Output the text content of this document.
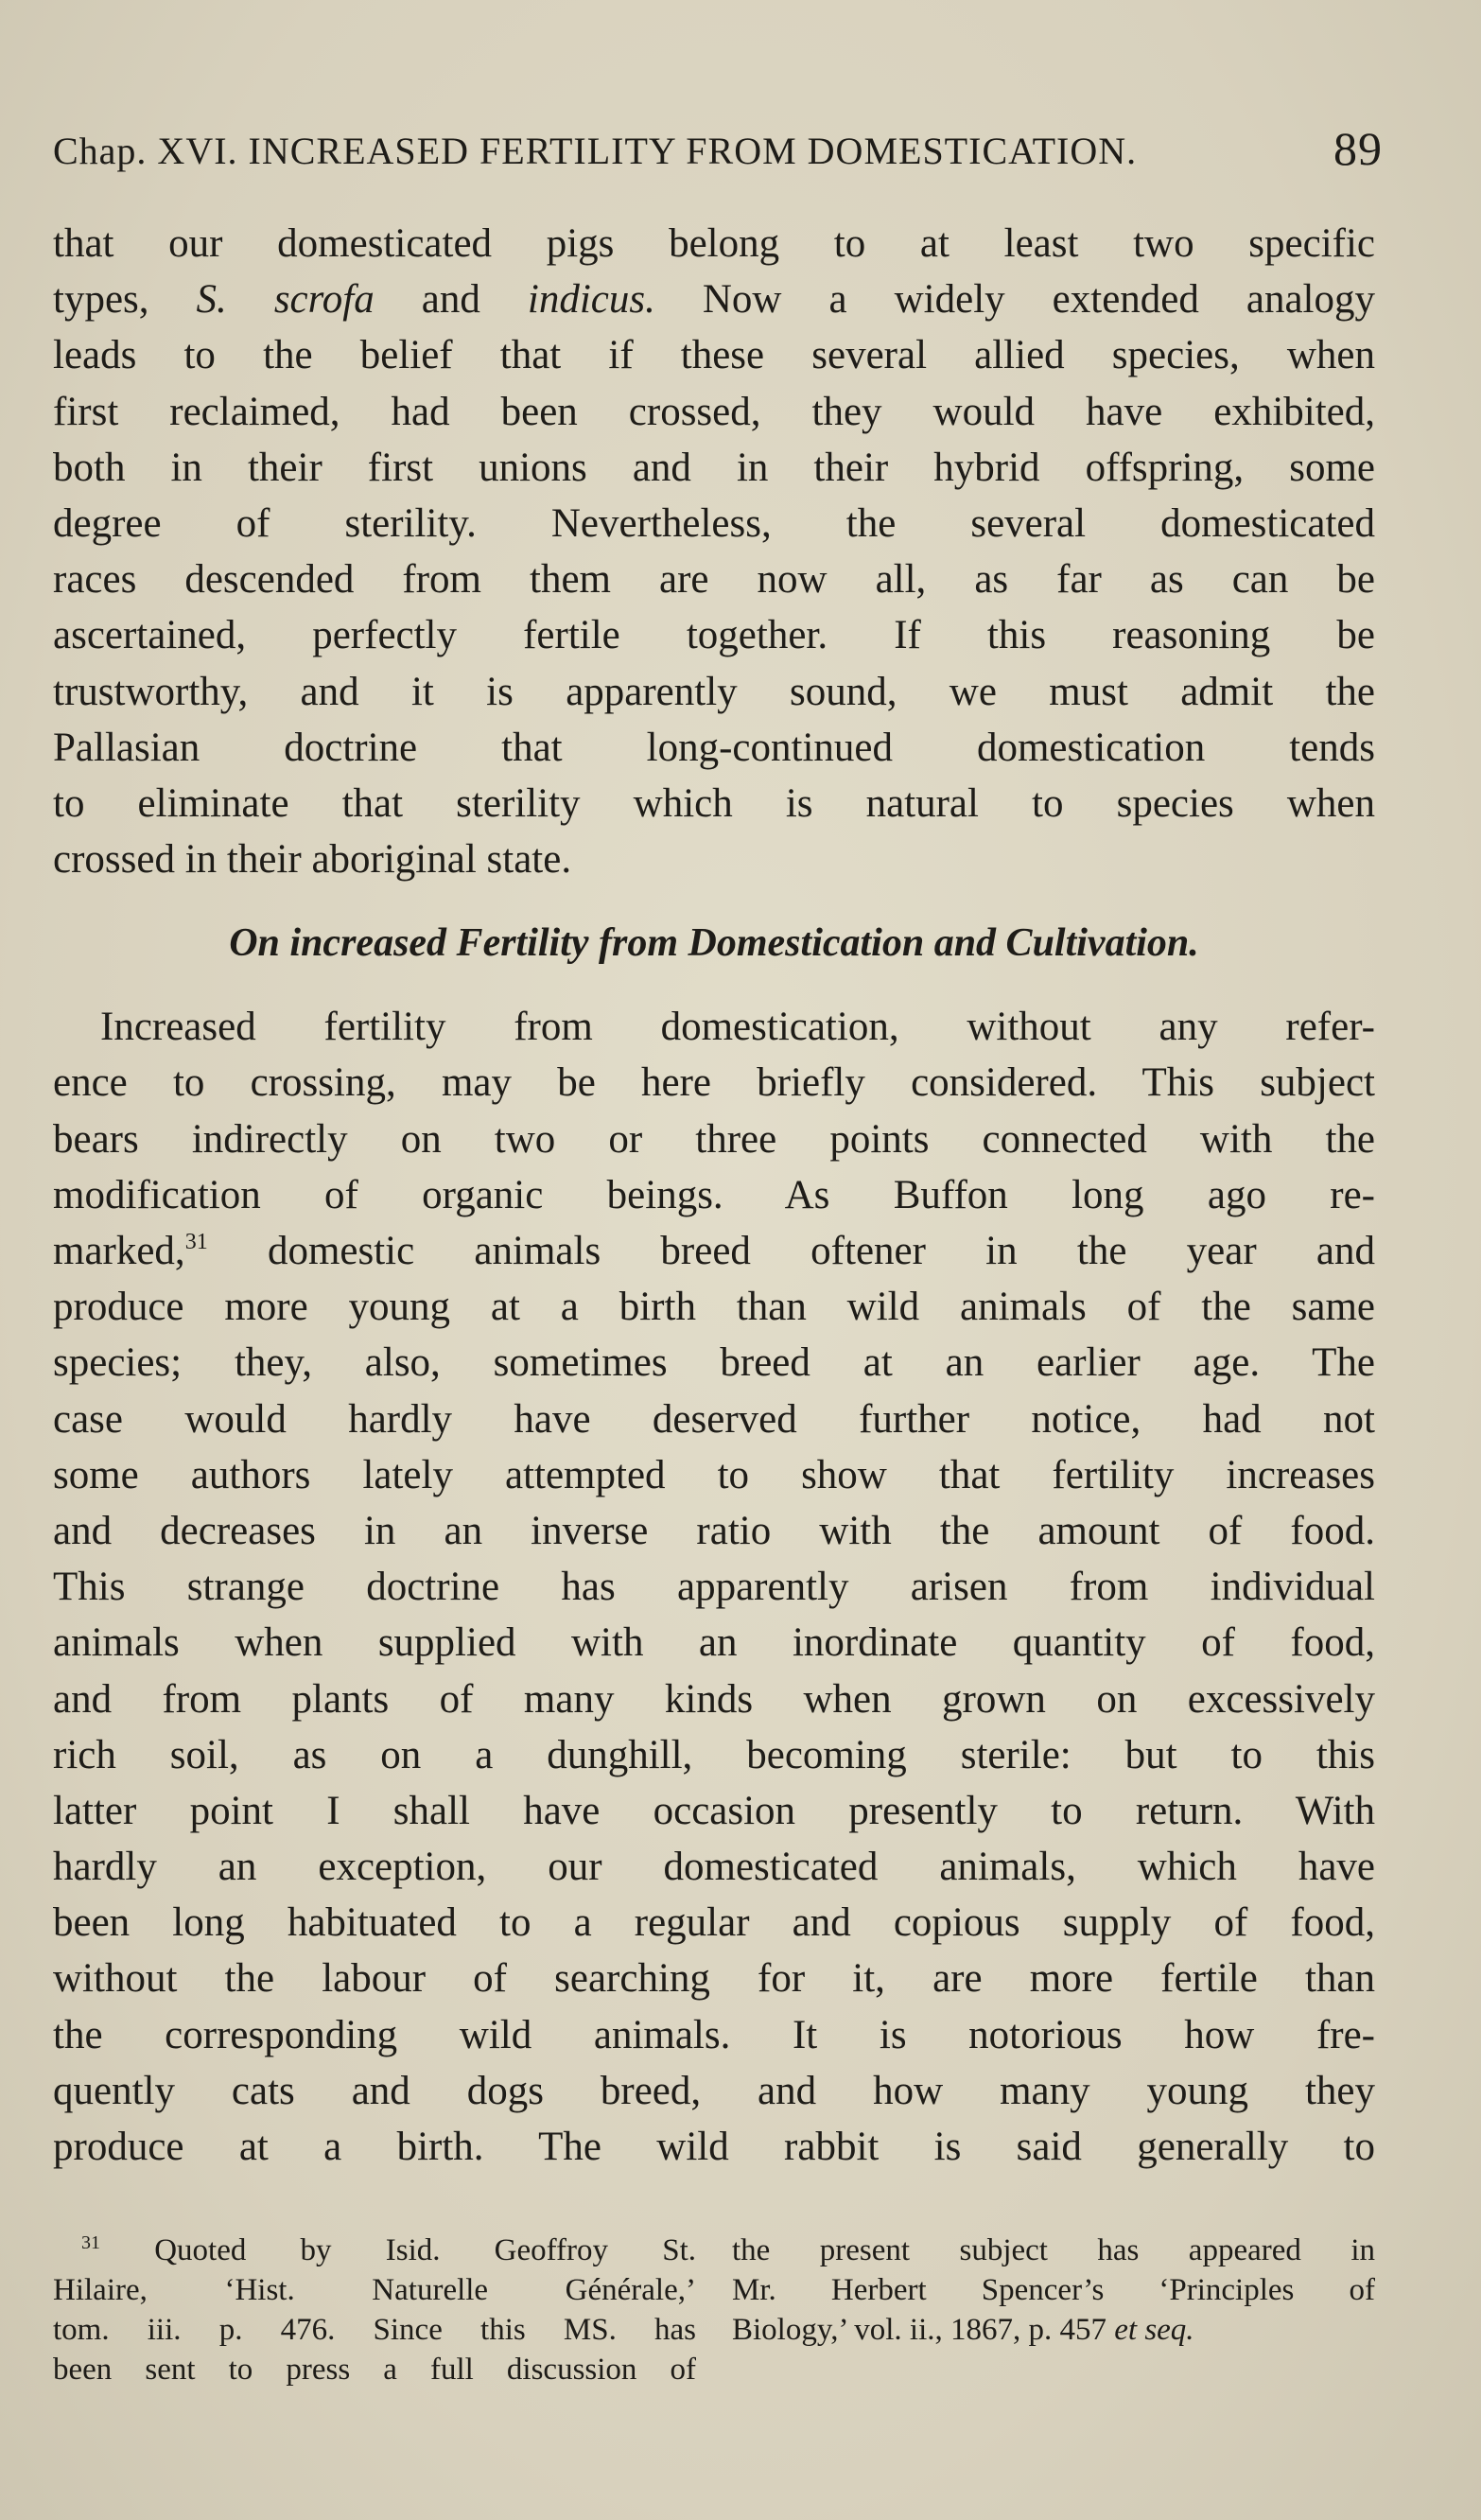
Chap. XVI. INCREASED FERTILITY FROM DOMESTICATION.	89
that our domesticated pigs belong to at least two specific
types, S. scrofa and indicus. Now a widely extended analogy
leads to the belief that if these several allied species, when
first reclaimed, had been crossed, they would have exhibited,
both in their first unions and in their hybrid offspring, some
degree of sterility. Nevertheless, the several domesticated
races descended from them are now all, as far as can be
ascertained, perfectly fertile together. If this reasoning be
trustworthy, and it is apparently sound, we must admit the
Pallasian doctrine that long-continued domestication tends
to eliminate that sterility which is natural to species when
crossed in their aboriginal state.
On increased Fertility from Domestication and Cultivation.
Increased fertility from domestication, without any refer-
ence to crossing, may be here briefly considered. This subject
bears indirectly on two or three points connected with the
modification of organic beings. As Buffon long ago re-
marked,$^{31}$ domestic animals breed oftener in the year and
produce more young at a birth than wild animals of the same
species; they, also, sometimes breed at an earlier age. The
case would hardly have deserved further notice, had not
some authors lately attempted to show that fertility increases
and decreases in an inverse ratio with the amount of food.
This strange doctrine has apparently arisen from individual
animals when supplied with an inordinate quantity of food,
and from plants of many kinds when grown on excessively
rich soil, as on a dunghill, becoming sterile: but to this
latter point I shall have occasion presently to return. With
hardly an exception, our domesticated animals, which have
been long habituated to a regular and copious supply of food,
without the labour of searching for it, are more fertile than
the corresponding wild animals. It is notorious how fre-
quently cats and dogs breed, and how many young they
produce at a birth. The wild rabbit is said generally to
$^{31}$ Quoted by Isid. Geoffroy St.
Hilaire, ‘Hist. Naturelle Générale,’
tom. iii. p. 476. Since this MS. has
been sent to press a full discussion of
the present subject has appeared in
Mr. Herbert Spencer’s ‘Principles of
Biology,’ vol. ii., 1867, p. 457 et seq.
